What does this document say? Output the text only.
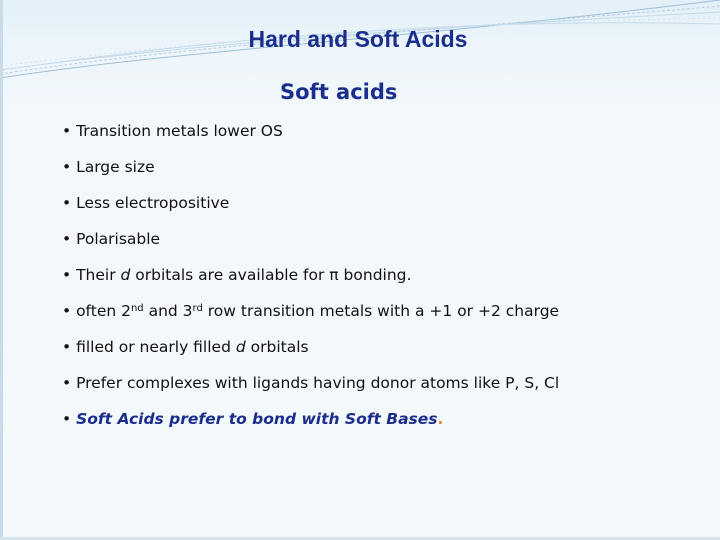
Hard and Soft Acids
Soft acids
• Transition metals lower OS
• Large size
• Less electropositive
• Polarisable
• Their d orbitals are available for π bonding.
• often 2nd and 3rd row transition metals with a +1 or +2 charge
• filled or nearly filled d orbitals
• Prefer complexes with ligands having donor atoms like P, S, Cl
• Soft Acids prefer to bond with Soft Bases.
